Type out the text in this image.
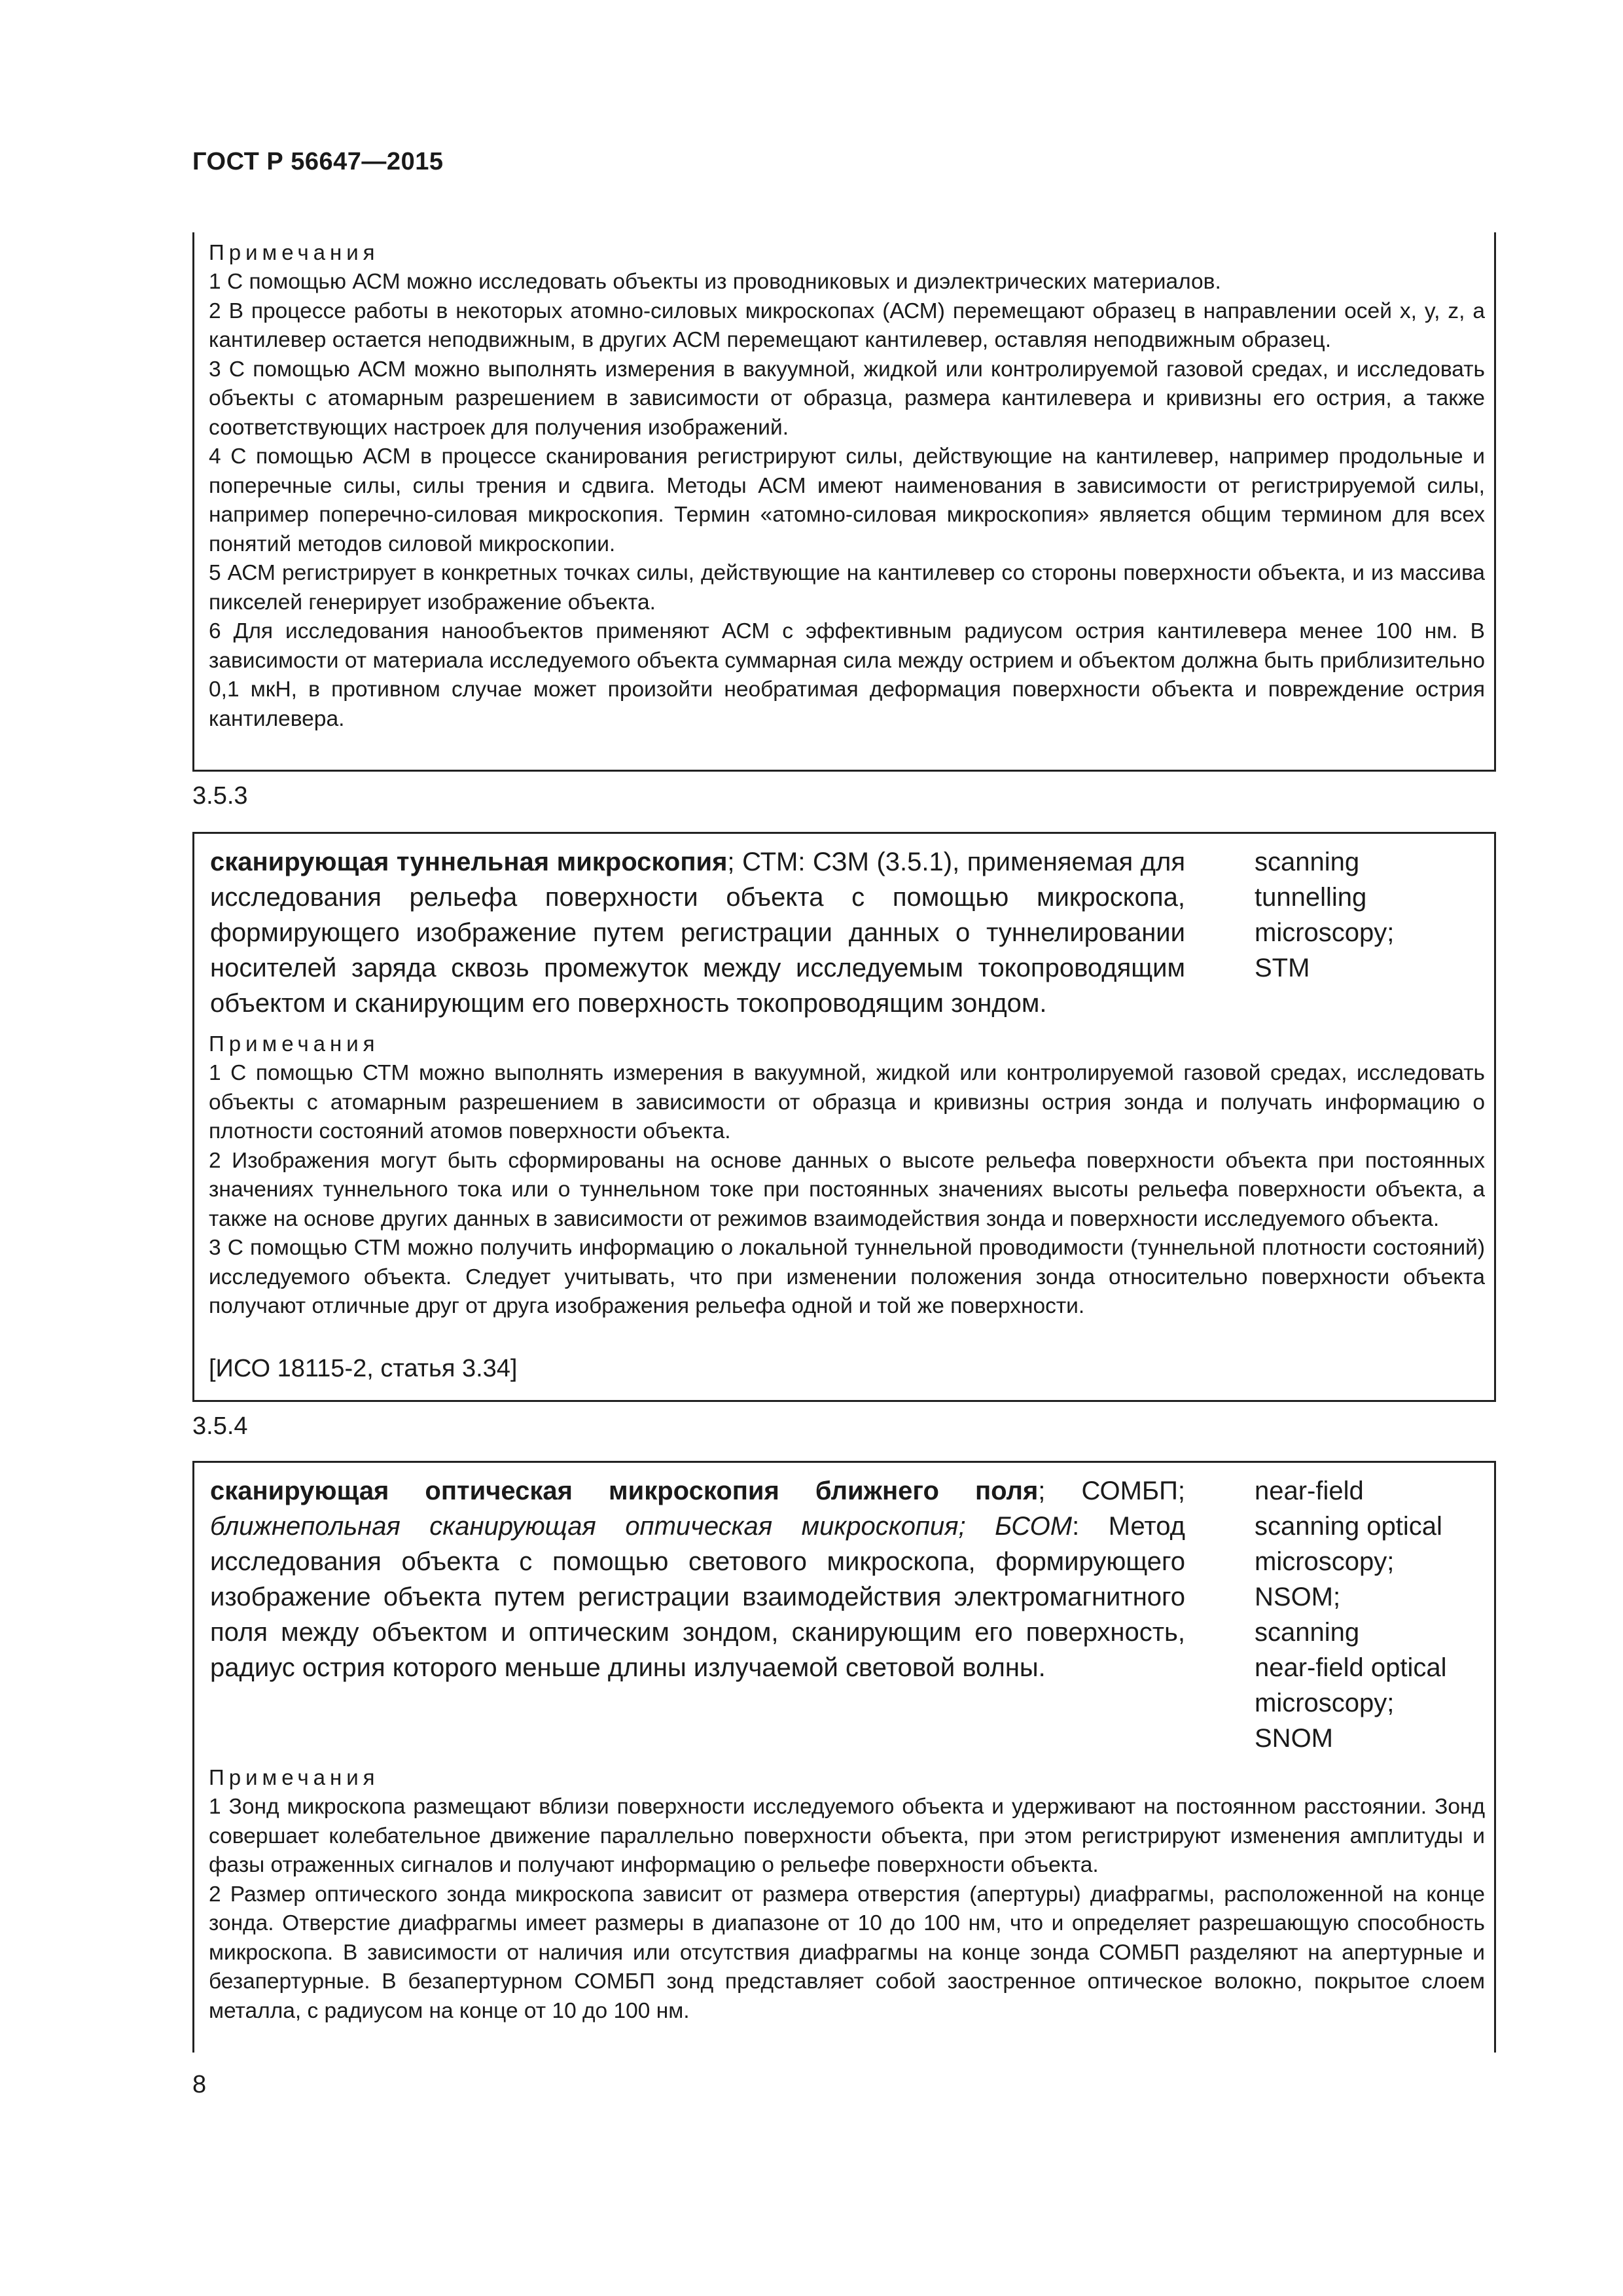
ГОСТ Р 56647—2015

Примечания

1 С помощью АСМ можно исследовать объекты из проводниковых и диэлектрических материалов.

2 В процессе работы в некоторых атомно-силовых микроскопах (АСМ) перемещают образец в направлении осей x, y, z, а кантилевер остается неподвижным, в других АСМ перемещают кантилевер, оставляя неподвижным образец.

3 С помощью АСМ можно выполнять измерения в вакуумной, жидкой или контролируемой газовой средах, и исследовать объекты с атомарным разрешением в зависимости от образца, размера кантилевера и кривизны его острия, а также соответствующих настроек для получения изображений.

4 С помощью АСМ в процессе сканирования регистрируют силы, действующие на кантилевер, например продольные и поперечные силы, силы трения и сдвига. Методы АСМ имеют наименования в зависимости от регистрируемой силы, например поперечно-силовая микроскопия. Термин «атомно-силовая микроскопия» является общим термином для всех понятий методов силовой микроскопии.

5 АСМ регистрирует в конкретных точках силы, действующие на кантилевер со стороны поверхности объекта, и из массива пикселей генерирует изображение объекта.

6 Для исследования нанообъектов применяют АСМ с эффективным радиусом острия кантилевера менее 100 нм. В зависимости от материала исследуемого объекта суммарная сила между острием и объектом должна быть приблизительно 0,1 мкН, в противном случае может произойти необратимая деформация поверхности объекта и повреждение острия кантилевера.

3.5.3

сканирующая туннельная микроскопия; СТМ: СЗМ (3.5.1), применяемая для исследования рельефа поверхности объекта с помощью микроскопа, формирующего изображение путем регистрации данных о туннелировании носителей заряда сквозь промежуток между исследуемым токопроводящим объектом и сканирующим его поверхность токопроводящим зондом.

scanning
tunnelling
microscopy;
STM

Примечания

1 С помощью СТМ можно выполнять измерения в вакуумной, жидкой или контролируемой газовой средах, исследовать объекты с атомарным разрешением в зависимости от образца и кривизны острия зонда и получать информацию о плотности состояний атомов поверхности объекта.

2 Изображения могут быть сформированы на основе данных о высоте рельефа поверхности объекта при постоянных значениях туннельного тока или о туннельном токе при постоянных значениях высоты рельефа поверхности объекта, а также на основе других данных в зависимости от режимов взаимодействия зонда и поверхности исследуемого объекта.

3 С помощью СТМ можно получить информацию о локальной туннельной проводимости (туннельной плотности состояний) исследуемого объекта. Следует учитывать, что при изменении положения зонда относительно поверхности объекта получают отличные друг от друга изображения рельефа одной и той же поверхности.

[ИСО 18115-2, статья 3.34]
3.5.4

сканирующая оптическая микроскопия ближнего поля; СОМБП; ближнепольная сканирующая оптическая микроскопия; БСОМ: Метод исследования объекта с помощью светового микроскопа, формирующего изображение объекта путем регистрации взаимодействия электромагнитного поля между объектом и оптическим зондом, сканирующим его поверхность, радиус острия которого меньше длины излучаемой световой волны.

near-field
scanning optical
microscopy;
NSOM;
scanning
near-field optical
microscopy;
SNOM

Примечания

1 Зонд микроскопа размещают вблизи поверхности исследуемого объекта и удерживают на постоянном расстоянии. Зонд совершает колебательное движение параллельно поверхности объекта, при этом регистрируют изменения амплитуды и фазы отраженных сигналов и получают информацию о рельефе поверхности объекта.

2 Размер оптического зонда микроскопа зависит от размера отверстия (апертуры) диафрагмы, расположенной на конце зонда. Отверстие диафрагмы имеет размеры в диапазоне от 10 до 100 нм, что и определяет разрешающую способность микроскопа. В зависимости от наличия или отсутствия диафрагмы на конце зонда СОМБП разделяют на апертурные и безапертурные. В безапертурном СОМБП зонд представляет собой заостренное оптическое волокно, покрытое слоем металла, с радиусом на конце от 10 до 100 нм.

8
